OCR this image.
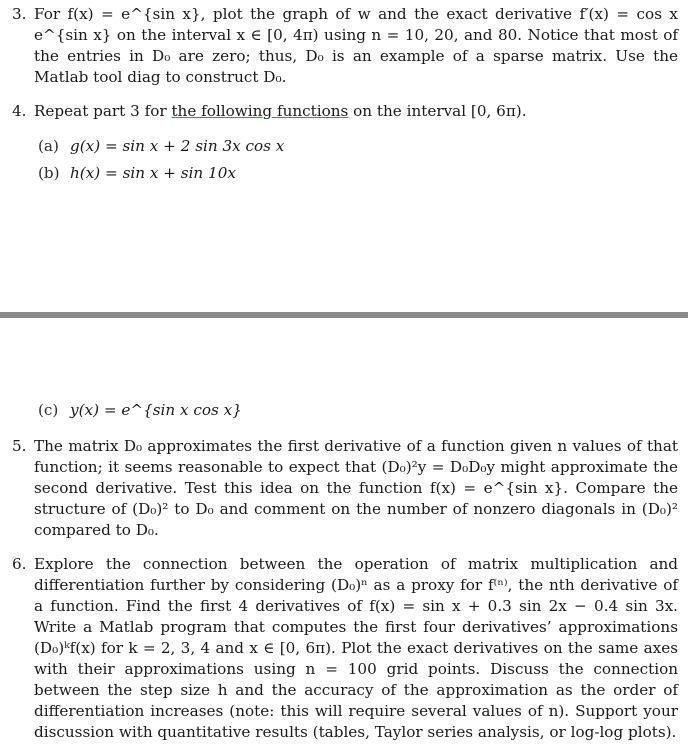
3. For f(x) = e^{sin x}, plot the graph of w and the exact derivative f′(x) = cos x e^{sin x} on the interval x ∈ [0, 4π) using n = 10, 20, and 80. Notice that most of the entries in D₀ are zero; thus, D₀ is an example of a sparse matrix. Use the Matlab tool diag to construct D₀.
4. Repeat part 3 for the following functions on the interval [0, 6π).
(a) g(x) = sin x + 2 sin 3x cos x
(b) h(x) = sin x + sin 10x
(c) y(x) = e^{sin x cos x}
5. The matrix D₀ approximates the first derivative of a function given n values of that function; it seems reasonable to expect that (D₀)²y = D₀D₀y might approximate the second derivative. Test this idea on the function f(x) = e^{sin x}. Compare the structure of (D₀)² to D₀ and comment on the number of nonzero diagonals in (D₀)² compared to D₀.
6. Explore the connection between the operation of matrix multiplication and differentiation further by considering (D₀)ⁿ as a proxy for f⁽ⁿ⁾, the nth derivative of a function. Find the first 4 derivatives of f(x) = sin x + 0.3 sin 2x − 0.4 sin 3x. Write a Matlab program that computes the first four derivatives’ approximations (D₀)ᵏf(x) for k = 2, 3, 4 and x ∈ [0, 6π). Plot the exact derivatives on the same axes with their approximations using n = 100 grid points. Discuss the connection between the step size h and the accuracy of the approximation as the order of differentiation increases (note: this will require several values of n). Support your discussion with quantitative results (tables, Taylor series analysis, or log-log plots).
